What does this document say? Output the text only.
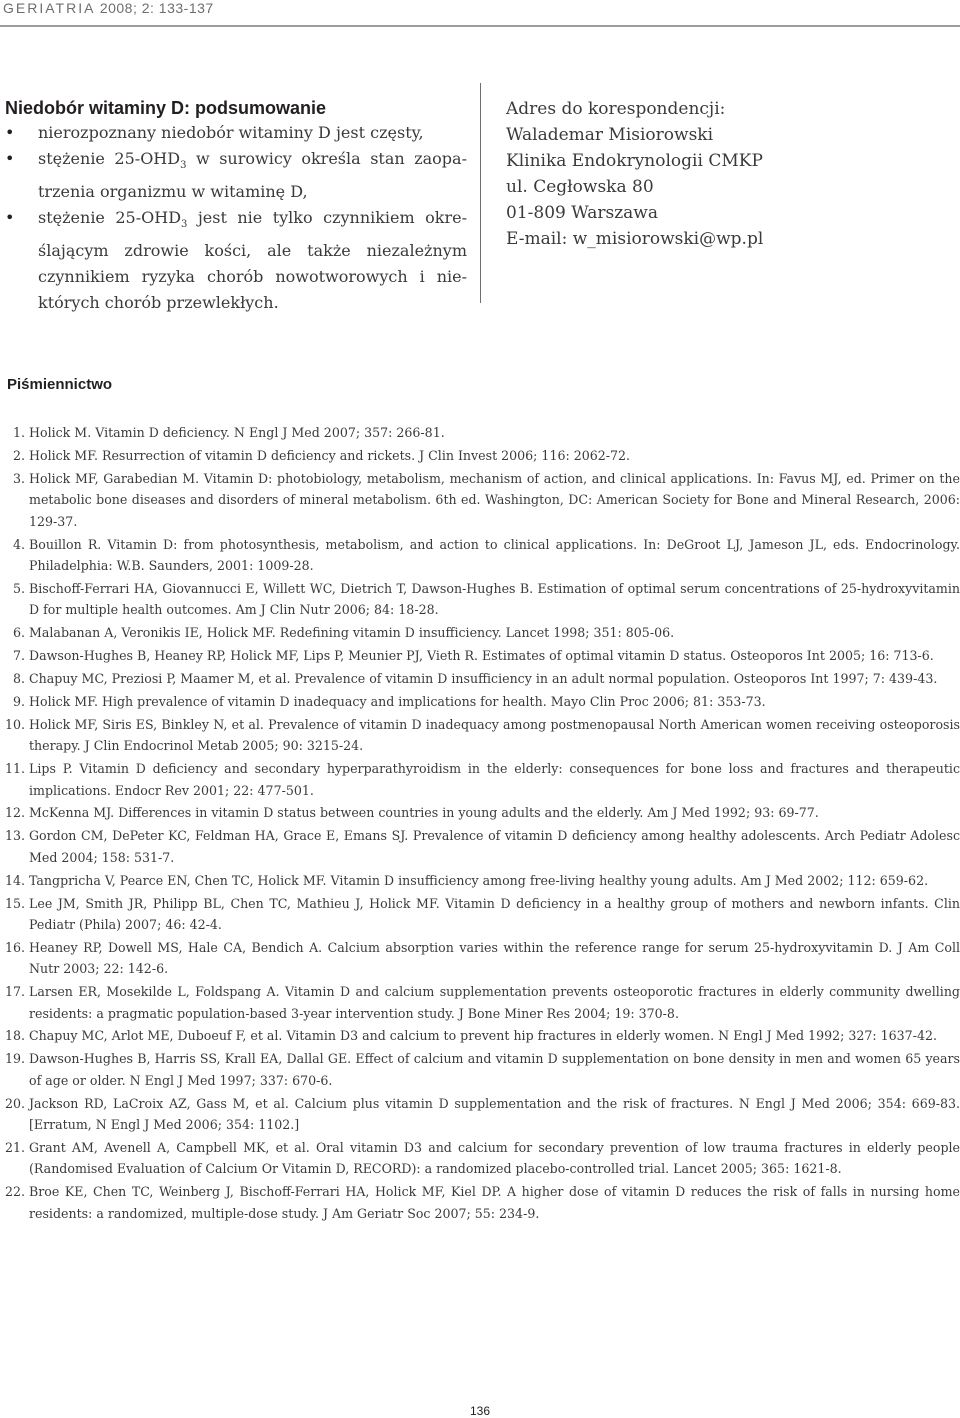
GERIATRIA 2008; 2: 133-137
Niedobór witaminy D: podsumowanie
• nierozpoznany niedobór witaminy D jest częsty,
• stężenie $25-OHD_3$ w surowicy określa stan zaopa-
trzenia organizmu w witaminę D,
• stężenie $25-OHD_3$ jest nie tylko czynnikiem okre-
ślającym zdrowie kości, ale także niezależnym
czynnikiem ryzyka chorób nowotworowych i nie-
których chorób przewlekłych.
Adres do korespondencji:
Walademar Misiorowski
Klinika Endokrynologii CMKP
ul. Cegłowska 80
01-809 Warszawa
E-mail: w_misiorowski@wp.pl
Piśmiennictwo
1. Holick M. Vitamin D deficiency. N Engl J Med 2007; 357: 266-81.
2. Holick MF. Resurrection of vitamin D deficiency and rickets. J Clin Invest 2006; 116: 2062-72.
3. Holick MF, Garabedian M. Vitamin D: photobiology, metabolism, mechanism of action, and clinical applications. In: Favus MJ, ed. Primer on the metabolic bone diseases and disorders of mineral metabolism. 6th ed. Washington, DC: American Society for Bone and Mineral Research, 2006: 129-37.
4. Bouillon R. Vitamin D: from photosynthesis, metabolism, and action to clinical applications. In: DeGroot LJ, Jameson JL, eds. Endocrinology. Philadelphia: W.B. Saunders, 2001: 1009-28.
5. Bischoff-Ferrari HA, Giovannucci E, Willett WC, Dietrich T, Dawson-Hughes B. Estimation of optimal serum concentrations of 25-hydroxyvitamin D for multiple health outcomes. Am J Clin Nutr 2006; 84: 18-28.
6. Malabanan A, Veronikis IE, Holick MF. Redefining vitamin D insufficiency. Lancet 1998; 351: 805-06.
7. Dawson-Hughes B, Heaney RP, Holick MF, Lips P, Meunier PJ, Vieth R. Estimates of optimal vitamin D status. Osteoporos Int 2005; 16: 713-6.
8. Chapuy MC, Preziosi P, Maamer M, et al. Prevalence of vitamin D insufficiency in an adult normal population. Osteoporos Int 1997; 7: 439-43.
9. Holick MF. High prevalence of vitamin D inadequacy and implications for health. Mayo Clin Proc 2006; 81: 353-73.
10. Holick MF, Siris ES, Binkley N, et al. Prevalence of vitamin D inadequacy among postmenopausal North American women receiving osteoporosis therapy. J Clin Endocrinol Metab 2005; 90: 3215-24.
11. Lips P. Vitamin D deficiency and secondary hyperparathyroidism in the elderly: consequences for bone loss and fractures and therapeutic implications. Endocr Rev 2001; 22: 477-501.
12. McKenna MJ. Differences in vitamin D status between countries in young adults and the elderly. Am J Med 1992; 93: 69-77.
13. Gordon CM, DePeter KC, Feldman HA, Grace E, Emans SJ. Prevalence of vitamin D deficiency among healthy adolescents. Arch Pediatr Adolesc Med 2004; 158: 531-7.
14. Tangpricha V, Pearce EN, Chen TC, Holick MF. Vitamin D insufficiency among free-living healthy young adults. Am J Med 2002; 112: 659-62.
15. Lee JM, Smith JR, Philipp BL, Chen TC, Mathieu J, Holick MF. Vitamin D deficiency in a healthy group of mothers and newborn infants. Clin Pediatr (Phila) 2007; 46: 42-4.
16. Heaney RP, Dowell MS, Hale CA, Bendich A. Calcium absorption varies within the reference range for serum 25-hydroxyvitamin D. J Am Coll Nutr 2003; 22: 142-6.
17. Larsen ER, Mosekilde L, Foldspang A. Vitamin D and calcium supplementation prevents osteoporotic fractures in elderly community dwelling residents: a pragmatic population-based 3-year intervention study. J Bone Miner Res 2004; 19: 370-8.
18. Chapuy MC, Arlot ME, Duboeuf F, et al. Vitamin D3 and calcium to prevent hip fractures in elderly women. N Engl J Med 1992; 327: 1637-42.
19. Dawson-Hughes B, Harris SS, Krall EA, Dallal GE. Effect of calcium and vitamin D supplementation on bone density in men and women 65 years of age or older. N Engl J Med 1997; 337: 670-6.
20. Jackson RD, LaCroix AZ, Gass M, et al. Calcium plus vitamin D supplementation and the risk of fractures. N Engl J Med 2006; 354: 669-83. [Erratum, N Engl J Med 2006; 354: 1102.]
21. Grant AM, Avenell A, Campbell MK, et al. Oral vitamin D3 and calcium for secondary prevention of low trauma fractures in elderly people (Randomised Evaluation of Calcium Or Vitamin D, RECORD): a randomized placebo-controlled trial. Lancet 2005; 365: 1621-8.
22. Broe KE, Chen TC, Weinberg J, Bischoff-Ferrari HA, Holick MF, Kiel DP. A higher dose of vitamin D reduces the risk of falls in nursing home residents: a randomized, multiple-dose study. J Am Geriatr Soc 2007; 55: 234-9.
136
